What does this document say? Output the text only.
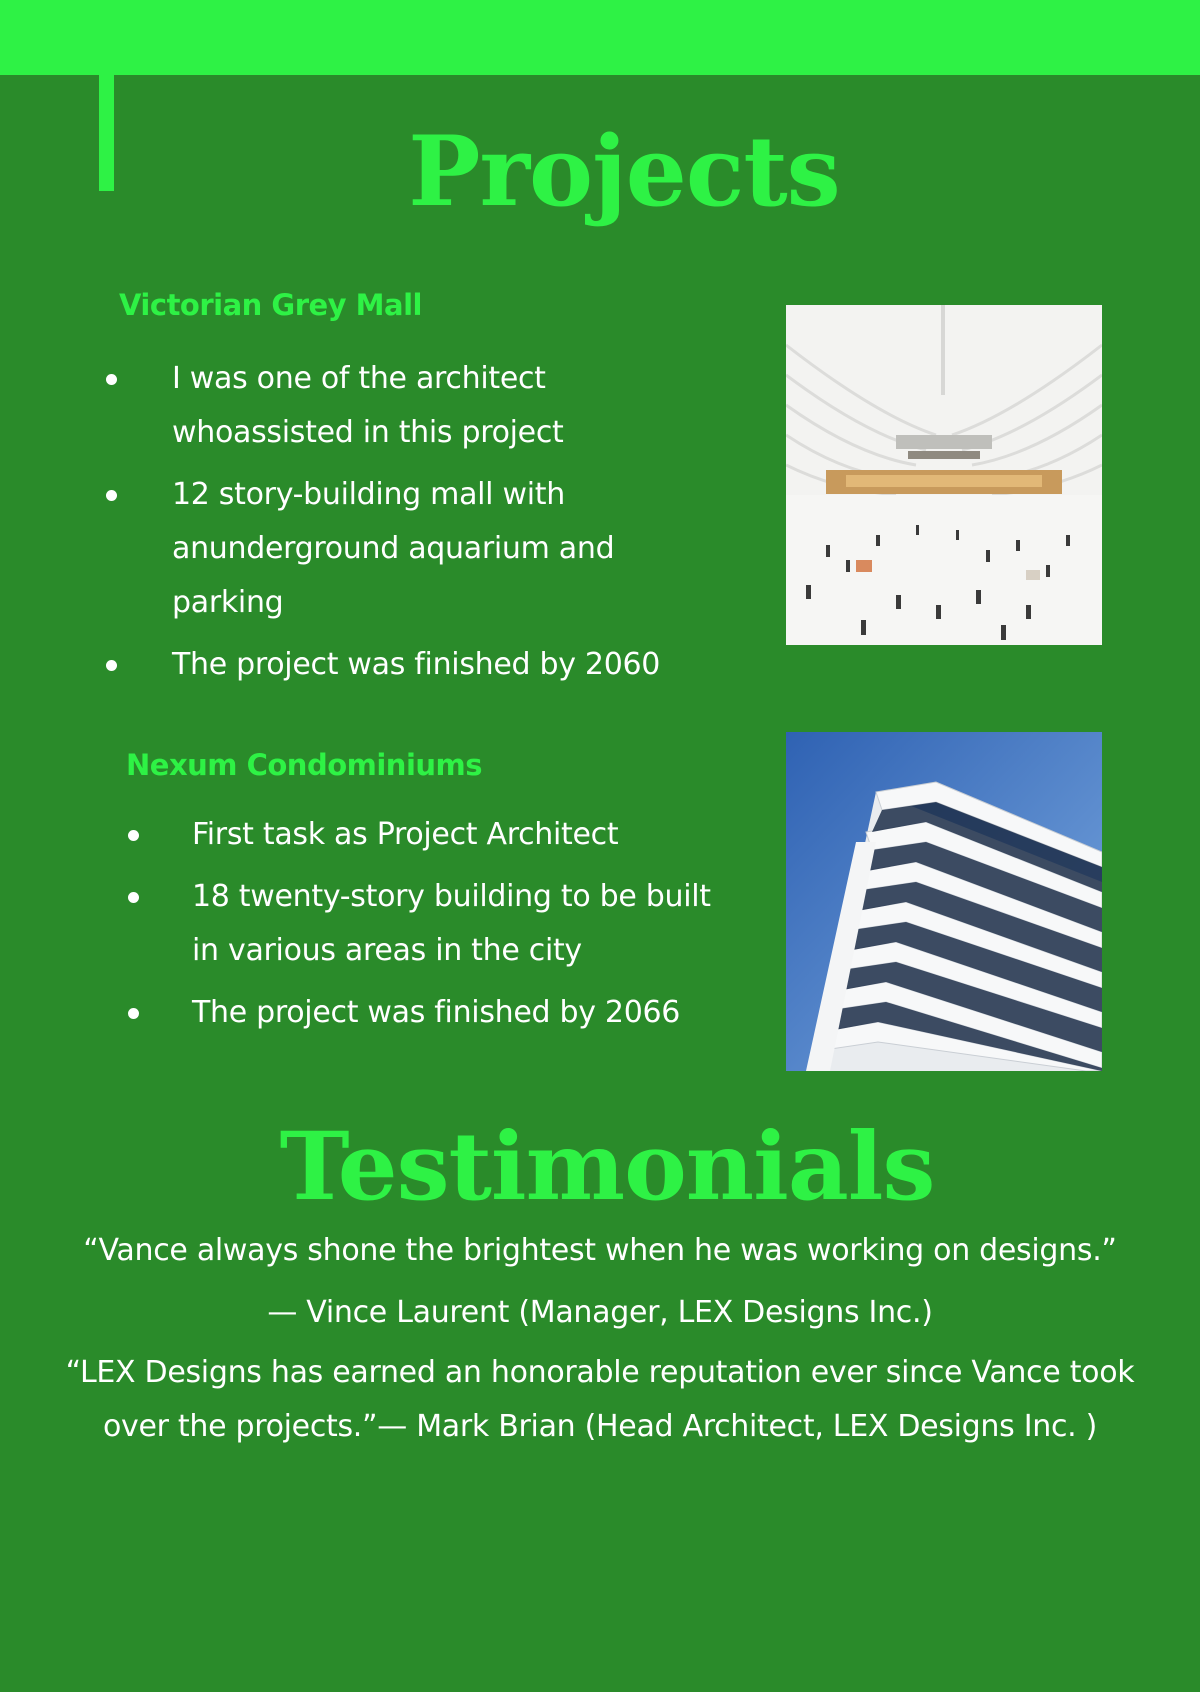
Projects
Victorian Grey Mall
I was one of the architect whoassisted in this project
12 story-building mall with anunderground aquarium and parking
The project was finished by 2060
Nexum Condominiums
First task as Project Architect
18 twenty-story building to be built in various areas in the city
The project was finished by 2066
Testimonials

“Vance always shone the brightest when he was working on designs.”

— Vince Laurent (Manager, LEX Designs Inc.)

“LEX Designs has earned an honorable reputation ever since Vance took over the projects.”— Mark Brian (Head Architect, LEX Designs Inc. )
